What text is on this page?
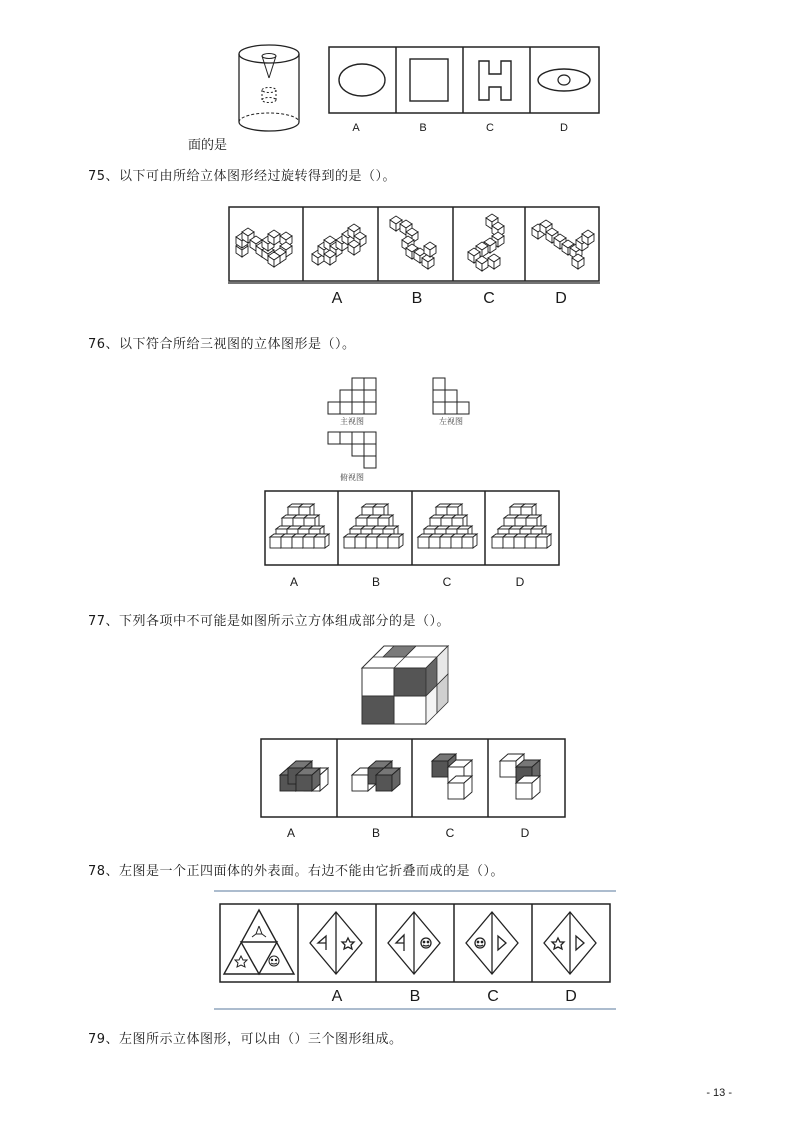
A	B	C	D
面的是
75、以下可由所给立体图形经过旋转得到的是（）。
A	B	C	D
76、以下符合所给三视图的立体图形是（）。
主视图	左视图
俯视图
A	B	C	D
77、下列各项中不可能是如图所示立方体组成部分的是（）。
A	B	C	D
78、左图是一个正四面体的外表面。右边不能由它折叠而成的是（）。
A	B	C	D
79、左图所示立体图形，可以由（）三个图形组成。
- 13 -
